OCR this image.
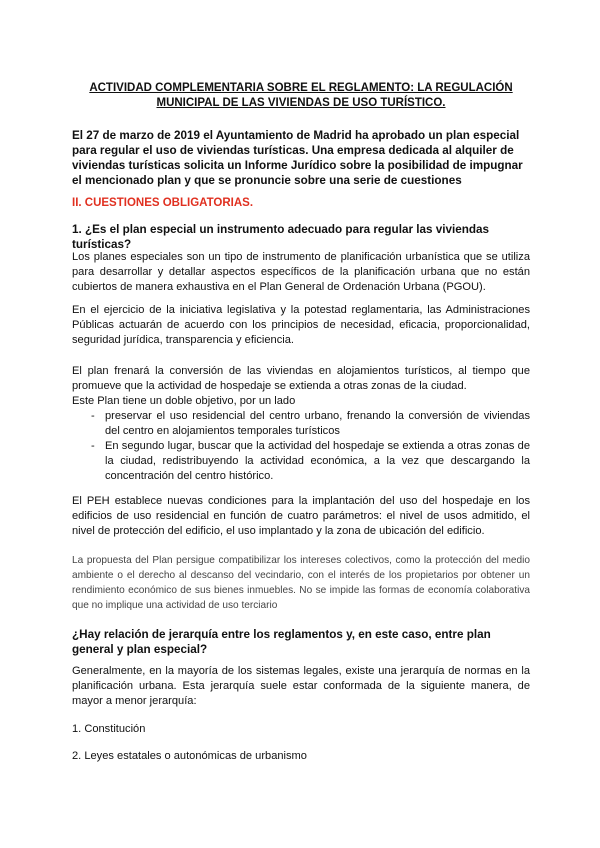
ACTIVIDAD COMPLEMENTARIA SOBRE EL REGLAMENTO: LA REGULACIÓN MUNICIPAL DE LAS VIVIENDAS DE USO TURÍSTICO.
El 27 de marzo de 2019 el Ayuntamiento de Madrid ha aprobado un plan especial para regular el uso de viviendas turísticas. Una empresa dedicada al alquiler de viviendas turísticas solicita un Informe Jurídico sobre la posibilidad de impugnar el mencionado plan y que se pronuncie sobre una serie de cuestiones
II. CUESTIONES OBLIGATORIAS.
1. ¿Es el plan especial un instrumento adecuado para regular las viviendas turísticas?
Los planes especiales son un tipo de instrumento de planificación urbanística que se utiliza para desarrollar y detallar aspectos específicos de la planificación urbana que no están cubiertos de manera exhaustiva en el Plan General de Ordenación Urbana (PGOU).
En el ejercicio de la iniciativa legislativa y la potestad reglamentaria, las Administraciones Públicas actuarán de acuerdo con los principios de necesidad, eficacia, proporcionalidad, seguridad jurídica, transparencia y eficiencia.
El plan frenará la conversión de las viviendas en alojamientos turísticos, al tiempo que promueve que la actividad de hospedaje se extienda a otras zonas de la ciudad.
Este Plan tiene un doble objetivo, por un lado
- preservar el uso residencial del centro urbano, frenando la conversión de viviendas del centro en alojamientos temporales turísticos
- En segundo lugar, buscar que la actividad del hospedaje se extienda a otras zonas de la ciudad, redistribuyendo la actividad económica, a la vez que descargando la concentración del centro histórico.
El PEH establece nuevas condiciones para la implantación del uso del hospedaje en los edificios de uso residencial en función de cuatro parámetros: el nivel de usos admitido, el nivel de protección del edificio, el uso implantado y la zona de ubicación del edificio.
La propuesta del Plan persigue compatibilizar los intereses colectivos, como la protección del medio ambiente o el derecho al descanso del vecindario, con el interés de los propietarios por obtener un rendimiento económico de sus bienes inmuebles. No se impide las formas de economía colaborativa que no implique una actividad de uso terciario
¿Hay relación de jerarquía entre los reglamentos y, en este caso, entre plan general y plan especial?
Generalmente, en la mayoría de los sistemas legales, existe una jerarquía de normas en la planificación urbana. Esta jerarquía suele estar conformada de la siguiente manera, de mayor a menor jerarquía:
1. Constitución
2. Leyes estatales o autonómicas de urbanismo
